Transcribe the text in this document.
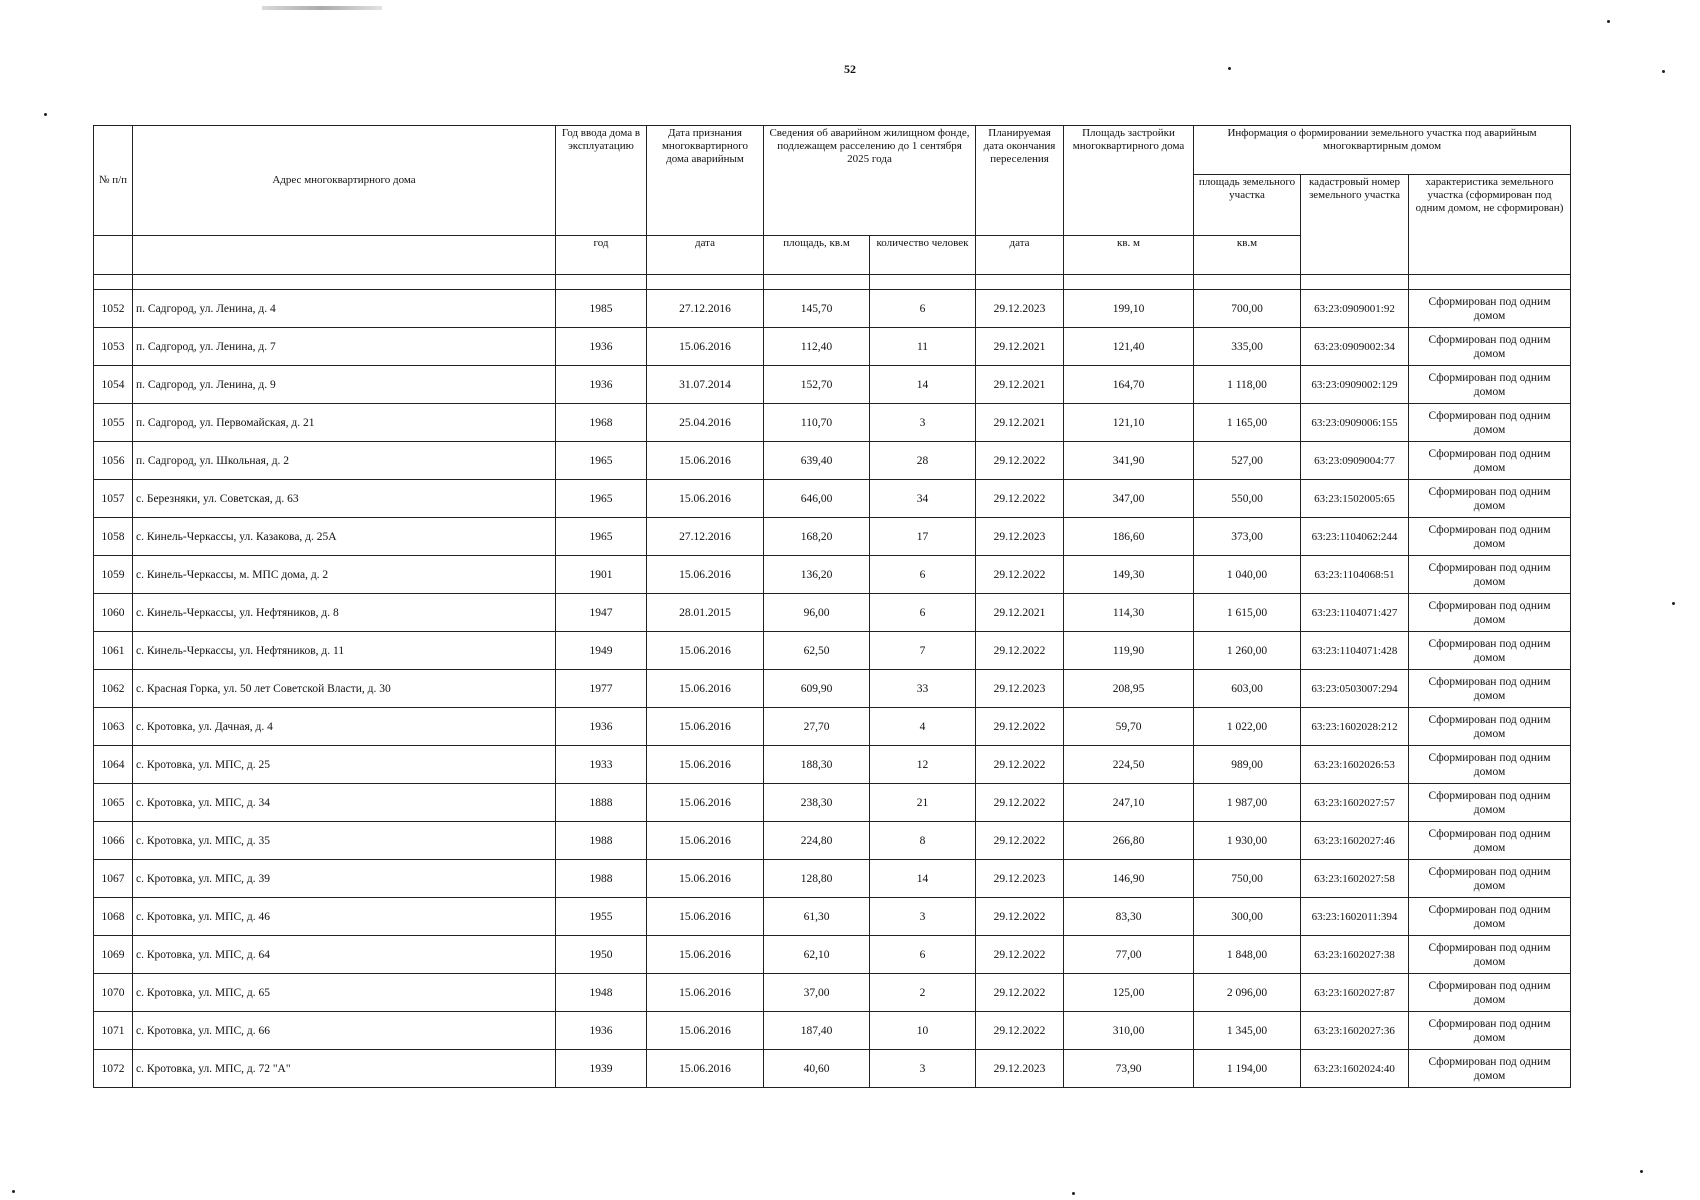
52
№ п/п	Адрес многоквартирного дома	Год ввода дома в эксплуатацию	Дата признания многоквартирного дома аварийным	Сведения об аварийном жилищном фонде, подлежащем расселению до 1 сентября 2025 года		Планируемая дата окончания переселения	Площадь застройки многоквартирного дома	Информация о формировании земельного участка под аварийным многоквартирным домом		
								площадь земельного участка	кадастровый номер земельного участка	характеристика земельного участка (сформирован под одним домом, не сформирован)
		год	дата	площадь, кв.м	количество человек	дата	кв. м	кв.м		

1052	п. Садгород, ул. Ленина, д. 4	1985	27.12.2016	145,70	6	29.12.2023	199,10	700,00	63:23:0909001:92	Сформирован под одним домом
1053	п. Садгород, ул. Ленина, д. 7	1936	15.06.2016	112,40	11	29.12.2021	121,40	335,00	63:23:0909002:34	Сформирован под одним домом
1054	п. Садгород, ул. Ленина, д. 9	1936	31.07.2014	152,70	14	29.12.2021	164,70	1 118,00	63:23:0909002:129	Сформирован под одним домом
1055	п. Садгород, ул. Первомайская, д. 21	1968	25.04.2016	110,70	3	29.12.2021	121,10	1 165,00	63:23:0909006:155	Сформирован под одним домом
1056	п. Садгород, ул. Школьная, д. 2	1965	15.06.2016	639,40	28	29.12.2022	341,90	527,00	63:23:0909004:77	Сформирован под одним домом
1057	с. Березняки, ул. Советская, д. 63	1965	15.06.2016	646,00	34	29.12.2022	347,00	550,00	63:23:1502005:65	Сформирован под одним домом
1058	с. Кинель-Черкассы, ул. Казакова, д. 25А	1965	27.12.2016	168,20	17	29.12.2023	186,60	373,00	63:23:1104062:244	Сформирован под одним домом
1059	с. Кинель-Черкассы, м. МПС дома, д. 2	1901	15.06.2016	136,20	6	29.12.2022	149,30	1 040,00	63:23:1104068:51	Сформирован под одним домом
1060	с. Кинель-Черкассы, ул. Нефтяников, д. 8	1947	28.01.2015	96,00	6	29.12.2021	114,30	1 615,00	63:23:1104071:427	Сформирован под одним домом
1061	с. Кинель-Черкассы, ул. Нефтяников, д. 11	1949	15.06.2016	62,50	7	29.12.2022	119,90	1 260,00	63:23:1104071:428	Сформирован под одним домом
1062	с. Красная Горка, ул. 50 лет Советской Власти, д. 30	1977	15.06.2016	609,90	33	29.12.2023	208,95	603,00	63:23:0503007:294	Сформирован под одним домом
1063	с. Кротовка, ул. Дачная, д. 4	1936	15.06.2016	27,70	4	29.12.2022	59,70	1 022,00	63:23:1602028:212	Сформирован под одним домом
1064	с. Кротовка, ул. МПС, д. 25	1933	15.06.2016	188,30	12	29.12.2022	224,50	989,00	63:23:1602026:53	Сформирован под одним домом
1065	с. Кротовка, ул. МПС, д. 34	1888	15.06.2016	238,30	21	29.12.2022	247,10	1 987,00	63:23:1602027:57	Сформирован под одним домом
1066	с. Кротовка, ул. МПС, д. 35	1988	15.06.2016	224,80	8	29.12.2022	266,80	1 930,00	63:23:1602027:46	Сформирован под одним домом
1067	с. Кротовка, ул. МПС, д. 39	1988	15.06.2016	128,80	14	29.12.2023	146,90	750,00	63:23:1602027:58	Сформирован под одним домом
1068	с. Кротовка, ул. МПС, д. 46	1955	15.06.2016	61,30	3	29.12.2022	83,30	300,00	63:23:1602011:394	Сформирован под одним домом
1069	с. Кротовка, ул. МПС, д. 64	1950	15.06.2016	62,10	6	29.12.2022	77,00	1 848,00	63:23:1602027:38	Сформирован под одним домом
1070	с. Кротовка, ул. МПС, д. 65	1948	15.06.2016	37,00	2	29.12.2022	125,00	2 096,00	63:23:1602027:87	Сформирован под одним домом
1071	с. Кротовка, ул. МПС, д. 66	1936	15.06.2016	187,40	10	29.12.2022	310,00	1 345,00	63:23:1602027:36	Сформирован под одним домом
1072	с. Кротовка, ул. МПС, д. 72 "А"	1939	15.06.2016	40,60	3	29.12.2023	73,90	1 194,00	63:23:1602024:40	Сформирован под одним домом
